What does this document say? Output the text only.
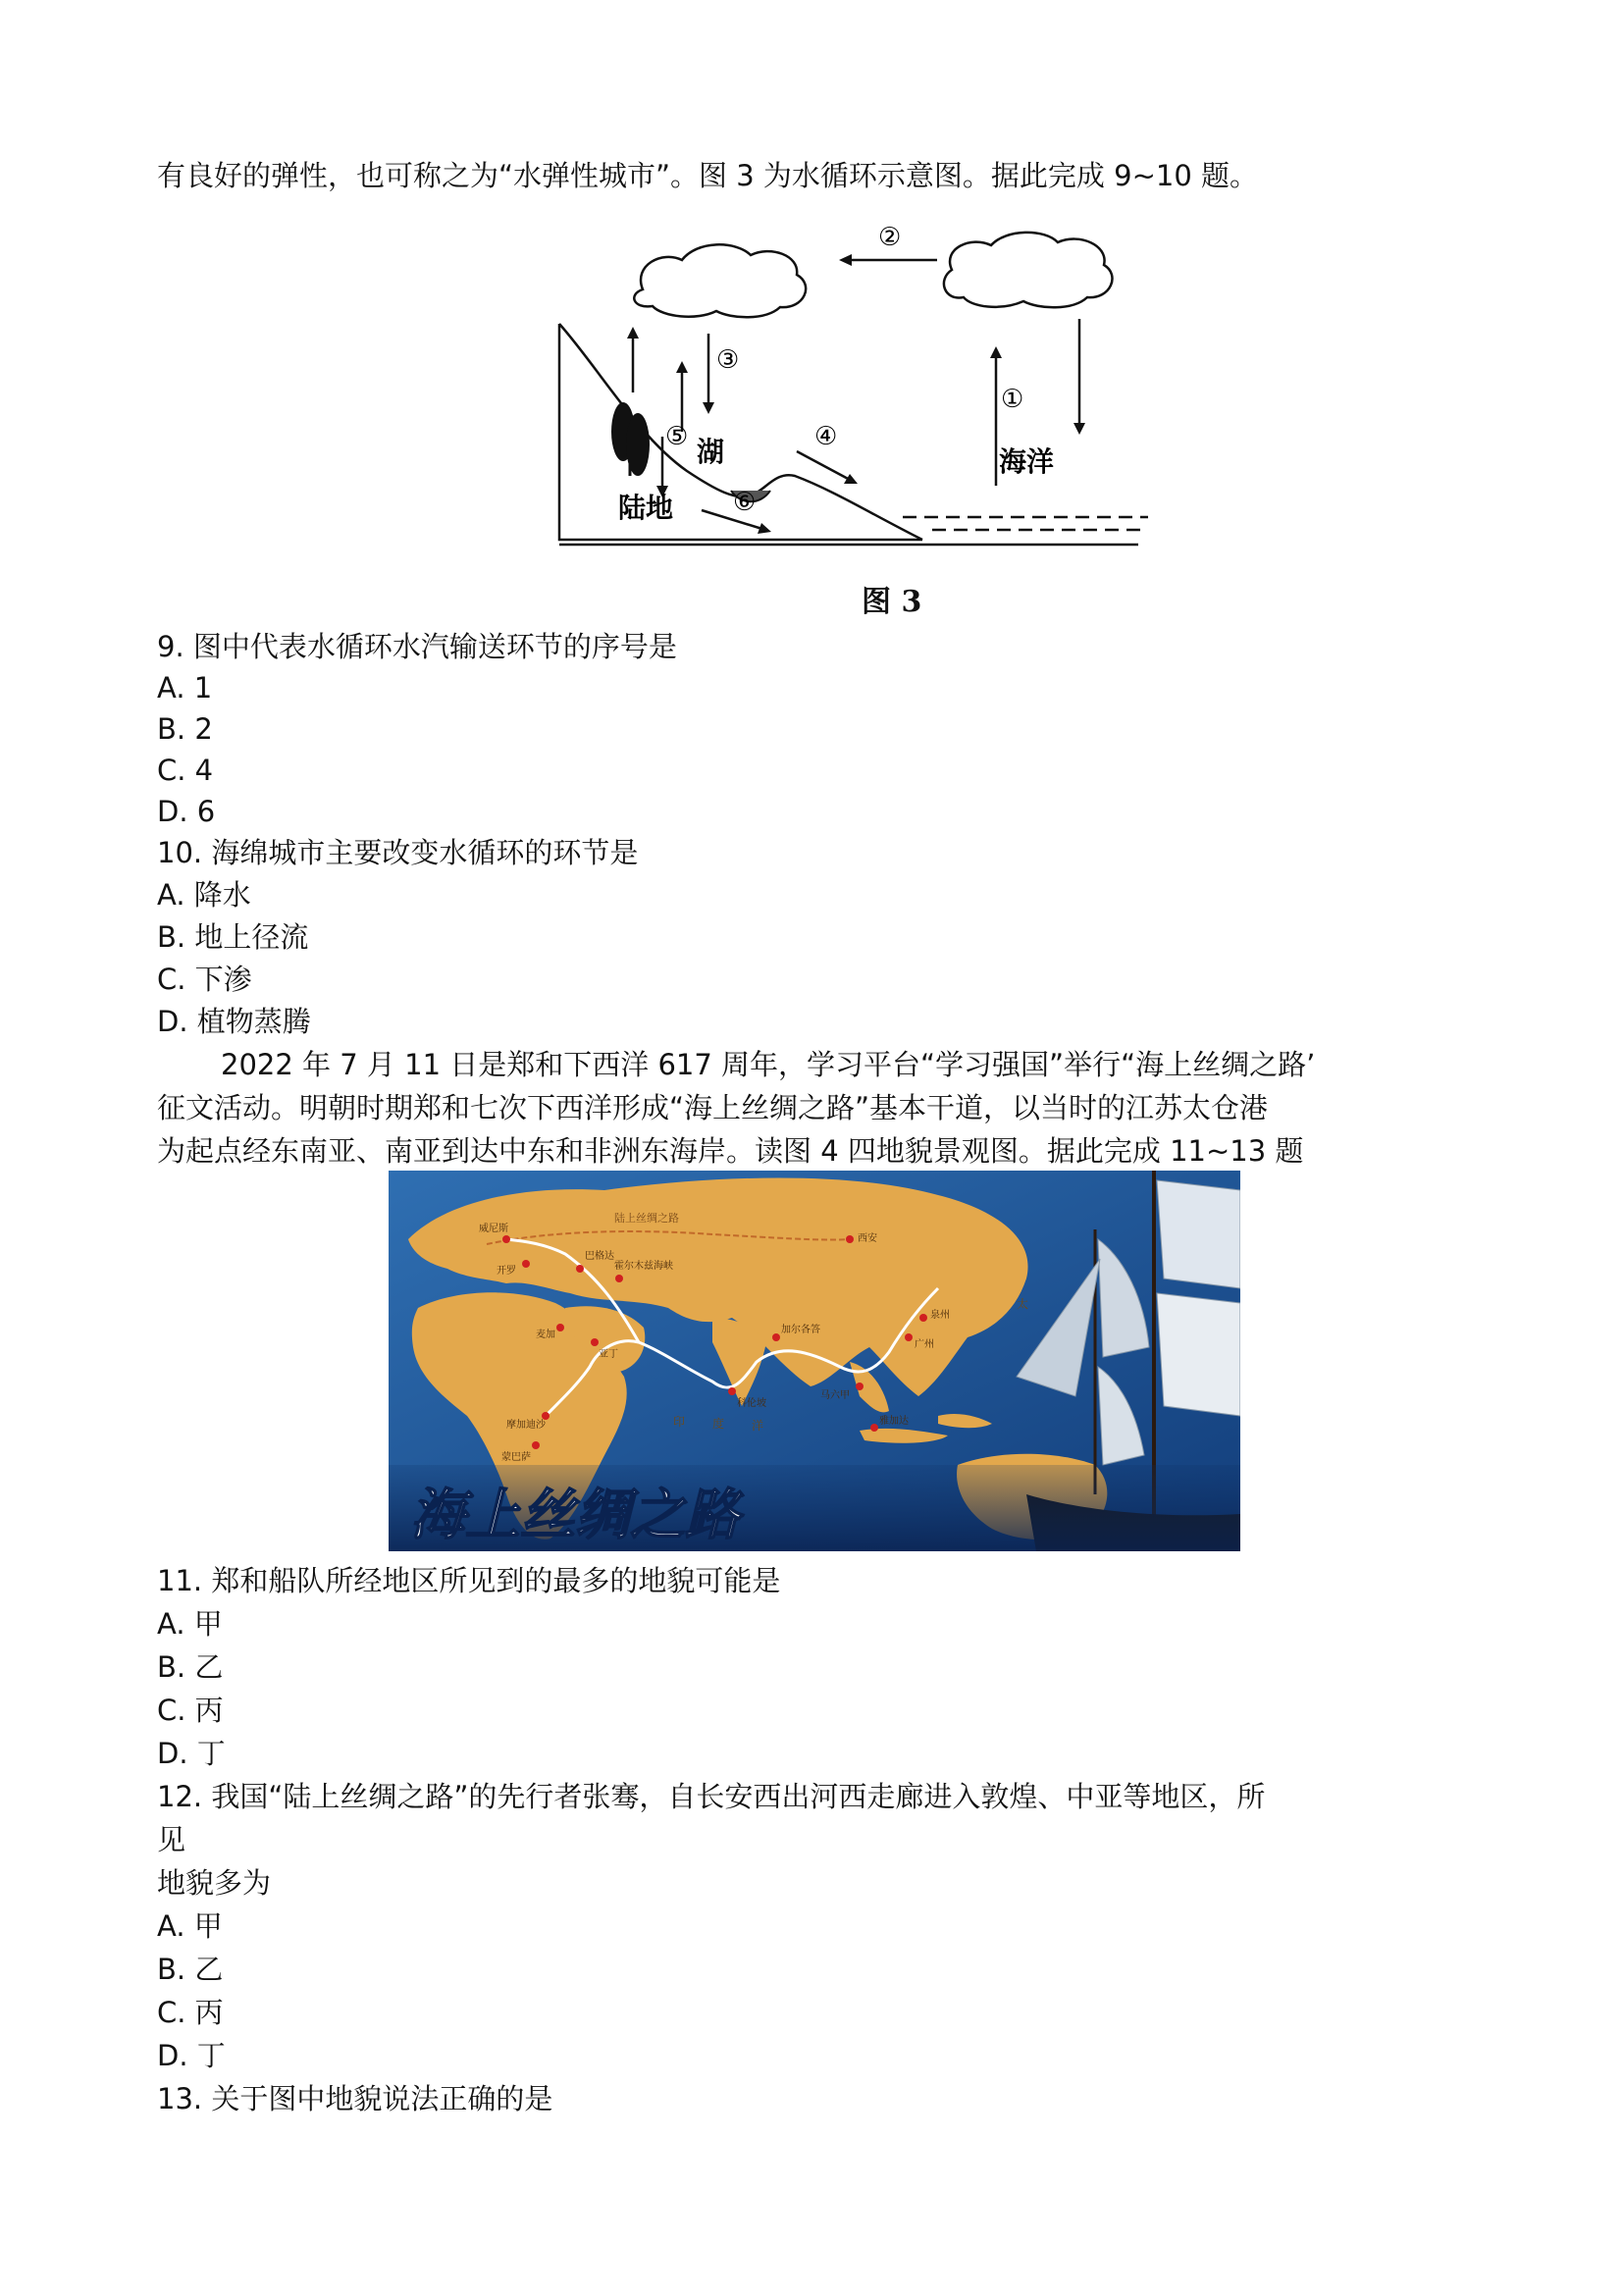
有良好的弹性，也可称之为“水弹性城市”。图 3 为水循环示意图。据此完成 9~10 题。
②
③
⑤ 湖	④
⑥
陆地
①
海洋
图 3
9. 图中代表水循环水汽输送环节的序号是
A. 1
B. 2
C. 4
D. 6
10. 海绵城市主要改变水循环的环节是
A. 降水
B. 地上径流
C. 下渗
D. 植物蒸腾
2022 年 7 月 11 日是郑和下西洋 617 周年，学习平台“学习强国”举行“海上丝绸之路’
征文活动。明朝时期郑和七次下西洋形成“海上丝绸之路”基本干道，以当时的江苏太仓港
为起点经东南亚、南亚到达中东和非洲东海岸。读图 4 四地貌景观图。据此完成 11~13 题
陆上丝绸之路
威尼斯
西安
泉州
广州
霍尔木兹海峡
巴格达
亚丁
麦加
科伦坡
加尔各答
马六甲
雅加达
摩加迪沙
蒙巴萨
开罗
印 度 洋
太
海上丝绸之路
11. 郑和船队所经地区所见到的最多的地貌可能是
A. 甲
B. 乙
C. 丙
D. 丁
12. 我国“陆上丝绸之路”的先行者张骞，自长安西出河西走廊进入敦煌、中亚等地区，所
见
地貌多为
A. 甲
B. 乙
C. 丙
D. 丁
13. 关于图中地貌说法正确的是
